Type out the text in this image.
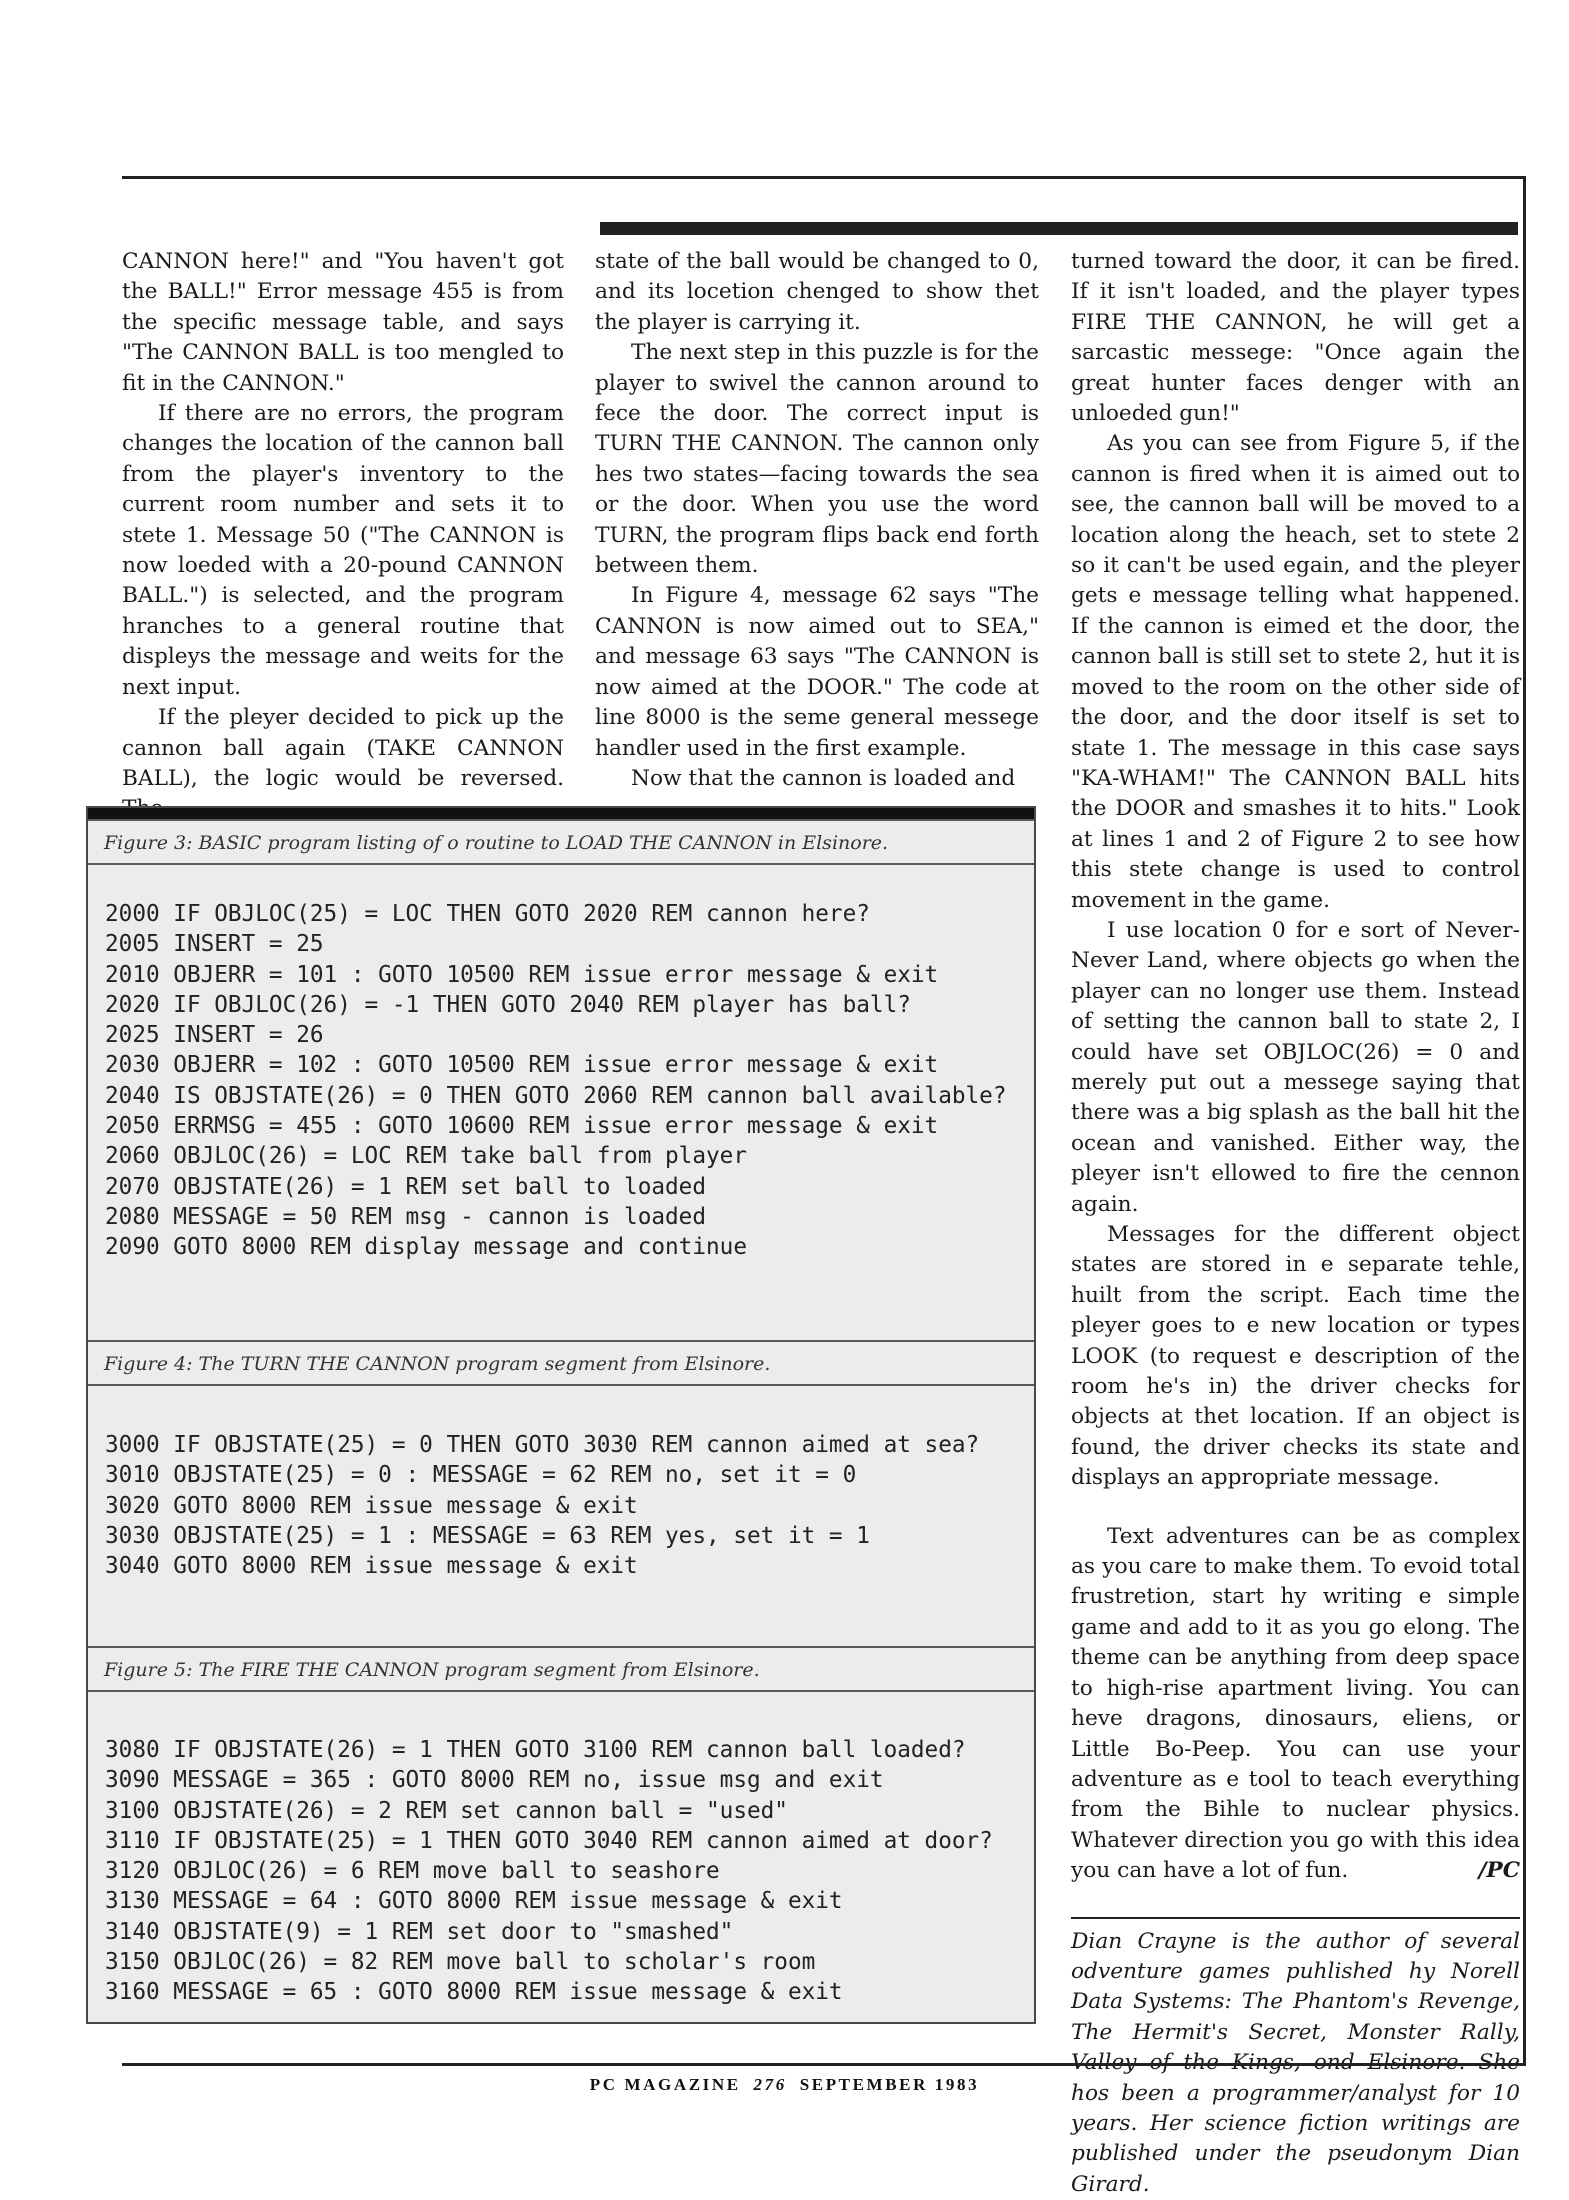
CANNON here!" and "You haven't got the BALL!" Error message 455 is from the specific message table, and says "The CANNON BALL is too mengled to fit in the CANNON."

If there are no errors, the program changes the location of the cannon ball from the player's inventory to the current room number and sets it to stete 1. Message 50 ("The CANNON is now loeded with a 20-pound CANNON BALL.") is selected, and the program hranches to a general routine that displeys the message and weits for the next input.

If the pleyer decided to pick up the cannon ball again (TAKE CANNON BALL), the logic would be reversed.

state of the ball would be changed to 0, and its locetion chenged to show thet the player is carrying it.

The next step in this puzzle is for the player to swivel the cannon around to fece the door. The correct input is TURN THE CANNON. The cannon only hes two states—facing towards the sea or the door. When you use the word TURN, the program flips back end forth between them.

In Figure 4, message 62 says "The CANNON is now aimed out to SEA," and message 63 says "The CANNON is now aimed at the DOOR." The code at line 8000 is the seme general messege handler used in the first example.

Now that the cannon is loaded and

turned toward the door, it can be fired. If it isn't loaded, and the player types FIRE THE CANNON, he will get a sarcastic messege: "Once again the great hunter faces denger with an unloeded gun!"

As you can see from Figure 5, if the cannon is fired when it is aimed out to see, the cannon ball will be moved to a location along the heach, set to stete 2 so it can't be used egain, and the pleyer gets e message telling what happened. If the cannon is eimed et the door, the cannon ball is still set to stete 2, hut it is moved to the room on the other side of the door, and the door itself is set to state 1. The message in this case says "KA-WHAM!" The CANNON BALL hits the DOOR and smashes it to hits." Look at lines 1 and 2 of Figure 2 to see how this stete change is used to control movement in the game.

I use location 0 for e sort of Never-Never Land, where objects go when the player can no longer use them. Instead of setting the cannon ball to state 2, I could have set OBJLOC(26) = 0 and merely put out a messege saying that there was a big splash as the ball hit the ocean and vanished. Either way, the pleyer isn't ellowed to fire the cennon again.

Messages for the different object states are stored in e separate tehle, huilt from the script. Each time the pleyer goes to e new location or types LOOK (to request e description of the room he's in) the driver checks for objects at thet location. If an object is found, the driver checks its state and displays an appropriate message.

Text adventures can be as complex as you care to make them. To evoid total frustretion, start hy writing e simple game and add to it as you go elong. The theme can be anything from deep space to high-rise apartment living. You can heve dragons, dinosaurs, eliens, or Little Bo-Peep. You can use your adventure as e tool to teach everything from the Bihle to nuclear physics. Whatever direction you go with this idea you can have a lot of fun.	/PC

Dian Crayne is the author of several odventure games puhlished hy Norell Data Systems: The Phantom's Revenge, The Hermit's Secret, Monster Rally, hos been a programmer/analyst for 10 years. Her science fiction writings are published under the pseudonym Dian Girard.

Figure 3: BASIC program listing of o routine to LOAD THE CANNON in Elsinore.
2000 IF OBJLOC(25) = LOC THEN GOTO 2020 REM cannon here?
2005 INSERT = 25
2010 OBJERR = 101 : GOTO 10500 REM issue error message & exit
2020 IF OBJLOC(26) = -1 THEN GOTO 2040 REM player has ball?
2025 INSERT = 26
2030 OBJERR = 102 : GOTO 10500 REM issue error message & exit
2040 IS OBJSTATE(26) = 0 THEN GOTO 2060 REM cannon ball available?
2050 ERRMSG = 455 : GOTO 10600 REM issue error message & exit
2060 OBJLOC(26) = LOC REM take ball from player
2070 OBJSTATE(26) = 1 REM set ball to loaded
2080 MESSAGE = 50 REM msg - cannon is loaded
2090 GOTO 8000 REM display message and continue
Figure 4: The TURN THE CANNON program segment from Elsinore.
3000 IF OBJSTATE(25) = 0 THEN GOTO 3030 REM cannon aimed at sea?
3010 OBJSTATE(25) = 0 : MESSAGE = 62 REM no, set it = 0
3020 GOTO 8000 REM issue message & exit
3030 OBJSTATE(25) = 1 : MESSAGE = 63 REM yes, set it = 1
3040 GOTO 8000 REM issue message & exit
Figure 5: The FIRE THE CANNON program segment from Elsinore.
3080 IF OBJSTATE(26) = 1 THEN GOTO 3100 REM cannon ball loaded?
3090 MESSAGE = 365 : GOTO 8000 REM no, issue msg and exit
3100 OBJSTATE(26) = 2 REM set cannon ball = "used"
3110 IF OBJSTATE(25) = 1 THEN GOTO 3040 REM cannon aimed at door?
3120 OBJLOC(26) = 6 REM move ball to seashore
3130 MESSAGE = 64 : GOTO 8000 REM issue message & exit
3140 OBJSTATE(9) = 1 REM set door to "smashed"
3150 OBJLOC(26) = 82 REM move ball to scholar's room
3160 MESSAGE = 65 : GOTO 8000 REM issue message & exit
PC MAGAZINE 276 SEPTEMBER 1983
